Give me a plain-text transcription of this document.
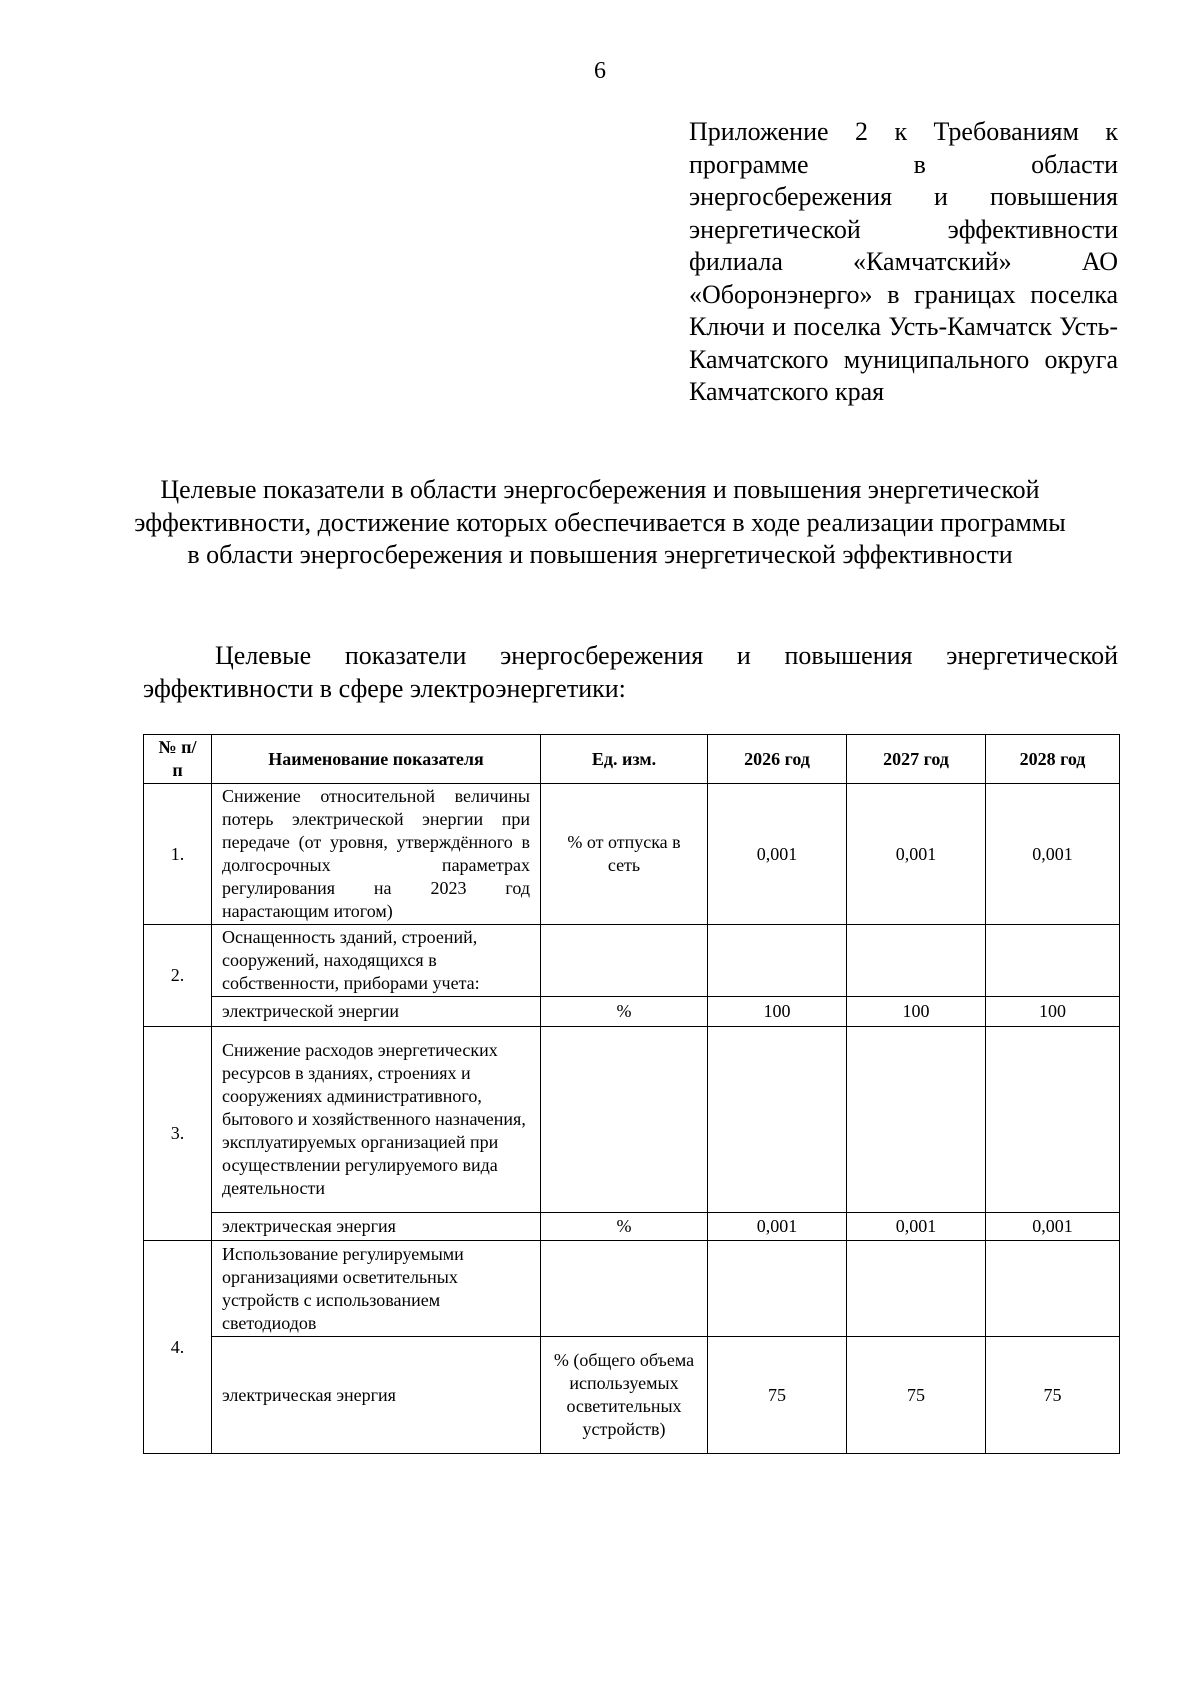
6
Приложение 2 к Требованиям к программе в области энергосбережения и повышения энергетической эффективности филиала «Камчатский» АО «Оборонэнерго» в границах поселка Ключи и поселка Усть-Камчатск Усть-Камчатского муниципального округа Камчатского края
Целевые показатели в области энергосбережения и повышения энергетической эффективности, достижение которых обеспечивается в ходе реализации программы в области энергосбережения и повышения энергетической эффективности
Целевые показатели энергосбережения и повышения энергетической эффективности в сфере электроэнергетики:
№ п/п	Наименование показателя	Ед. изм.	2026 год	2027 год	2028 год
1.	Снижение относительной величины потерь электрической энергии при передаче (от уровня, утверждённого в долгосрочных параметрах регулирования на 2023 год нарастающим итогом)	% от отпуска в сеть	0,001	0,001	0,001
2.	Оснащенность зданий, строений, сооружений, находящихся в собственности, приборами учета:				
	электрической энергии	%	100	100	100
3.	Снижение расходов энергетических ресурсов в зданиях, строениях и сооружениях административного, бытового и хозяйственного назначения, эксплуатируемых организацией при осуществлении регулируемого вида деятельности				
	электрическая энергия	%	0,001	0,001	0,001
4.	Использование регулируемыми организациями осветительных устройств с использованием светодиодов				
	электрическая энергия	% (общего объема используемых осветительных устройств)	75	75	75
